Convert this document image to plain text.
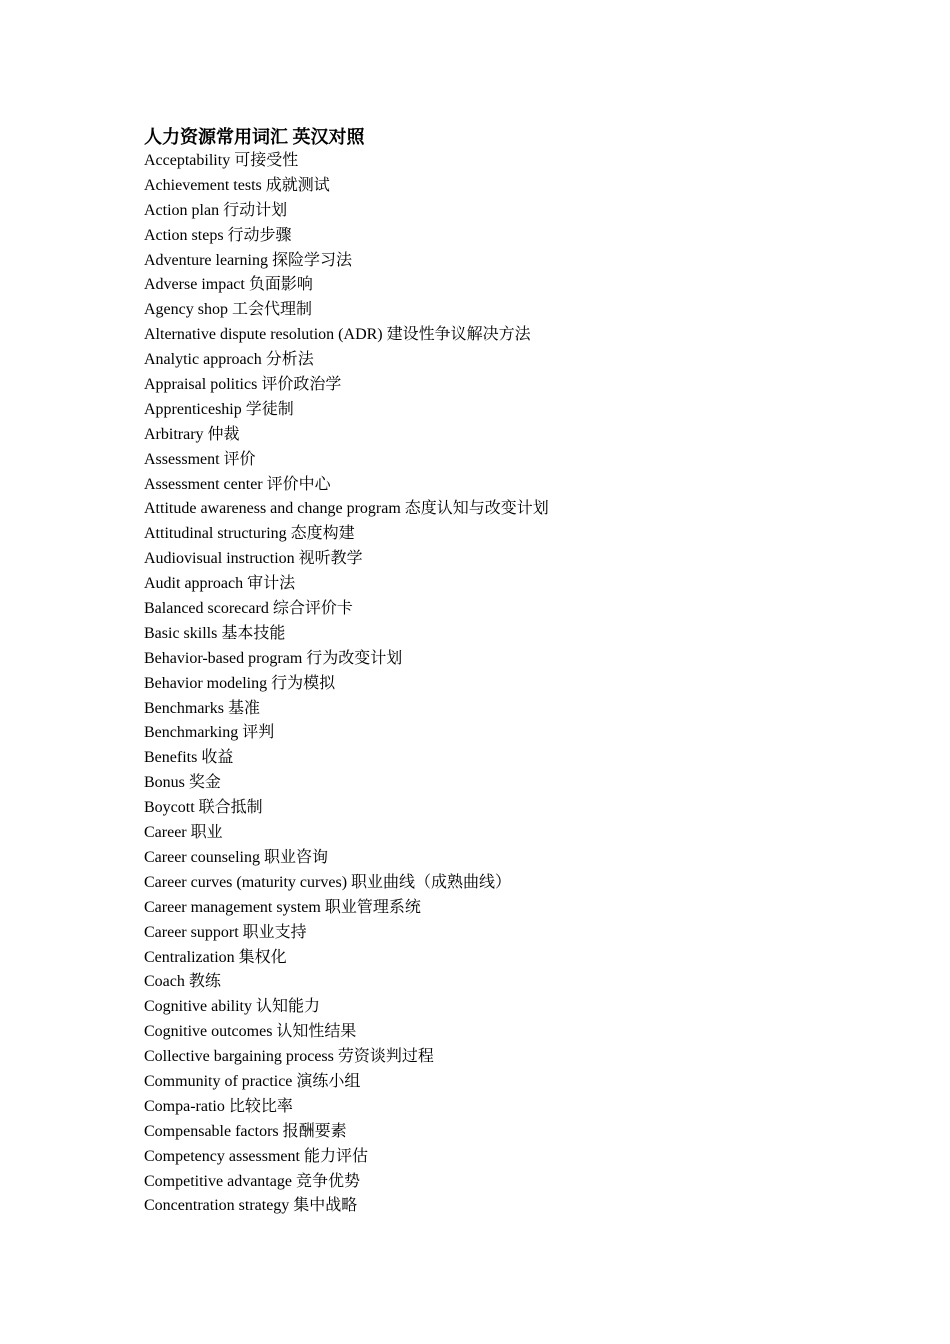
人力资源常用词汇 英汉对照
Acceptability 可接受性
Achievement tests 成就测试
Action plan 行动计划
Action steps 行动步骤
Adventure learning 探险学习法
Adverse impact 负面影响
Agency shop 工会代理制
Alternative dispute resolution (ADR) 建设性争议解决方法
Analytic approach 分析法
Appraisal politics 评价政治学
Apprenticeship 学徒制
Arbitrary 仲裁
Assessment 评价
Assessment center 评价中心
Attitude awareness and change program 态度认知与改变计划
Attitudinal structuring 态度构建
Audiovisual instruction 视听教学
Audit approach 审计法
Balanced scorecard 综合评价卡
Basic skills 基本技能
Behavior-based program 行为改变计划
Behavior modeling 行为模拟
Benchmarks 基准
Benchmarking 评判
Benefits 收益
Bonus 奖金
Boycott 联合抵制
Career 职业
Career counseling 职业咨询
Career curves (maturity curves) 职业曲线（成熟曲线）
Career management system 职业管理系统
Career support 职业支持
Centralization 集权化
Coach 教练
Cognitive ability 认知能力
Cognitive outcomes 认知性结果
Collective bargaining process 劳资谈判过程
Community of practice 演练小组
Compa-ratio 比较比率
Compensable factors 报酬要素
Competency assessment 能力评估
Competitive advantage 竞争优势
Concentration strategy 集中战略
